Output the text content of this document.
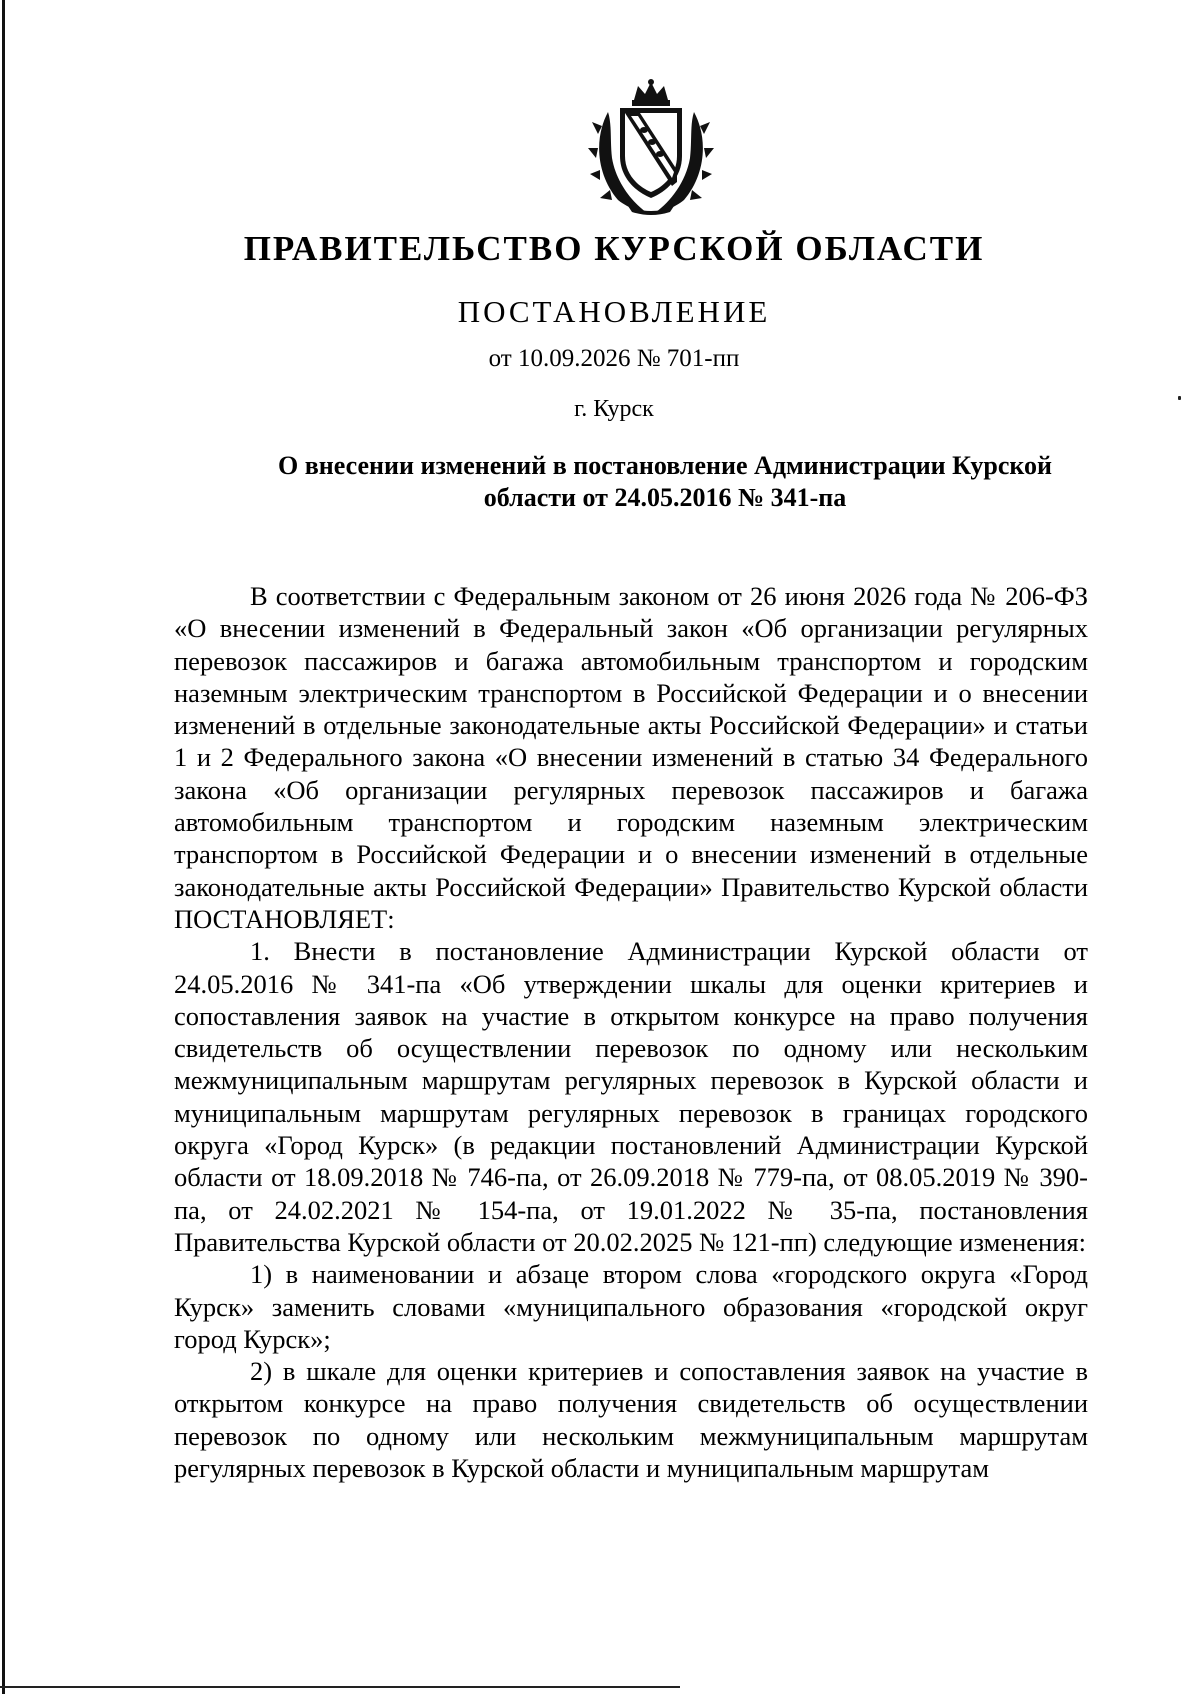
ПРАВИТЕЛЬСТВО КУРСКОЙ ОБЛАСТИ
ПОСТАНОВЛЕНИЕ
от 10.09.2026 № 701-пп
г. Курск
О внесении изменений в постановление Администрации Курской области от 24.05.2016 № 341-па

В соответствии с Федеральным законом от 26 июня 2026 года № 206-ФЗ «О внесении изменений в Федеральный закон «Об организации регулярных перевозок пассажиров и багажа автомобильным транспортом и городским наземным электрическим транспортом в Российской Федерации и о внесении изменений в отдельные законодательные акты Российской Федерации» и статьи 1 и 2 Федерального закона «О внесении изменений в статью 34 Федерального закона «Об организации регулярных перевозок пассажиров и багажа автомобильным транспортом и городским наземным электрическим транспортом в Российской Федерации и о внесении изменений в отдельные законодательные акты Российской Федерации» Правительство Курской области ПОСТАНОВЛЯЕТ:

1. Внести в постановление Администрации Курской области от 24.05.2016 № 341-па «Об утверждении шкалы для оценки критериев и сопоставления заявок на участие в открытом конкурсе на право получения свидетельств об осуществлении перевозок по одному или нескольким межмуниципальным маршрутам регулярных перевозок в Курской области и муниципальным маршрутам регулярных перевозок в границах городского округа «Город Курск» (в редакции постановлений Администрации Курской области от 18.09.2018 № 746-па, от 26.09.2018 № 779-па, от 08.05.2019 № 390-па, от 24.02.2021 № 154-па, от 19.01.2022 № 35-па, постановления Правительства Курской области от 20.02.2025 № 121-пп) следующие изменения:

1) в наименовании и абзаце втором слова «городского округа «Город Курск» заменить словами «муниципального образования «городской округ город Курск»;

2) в шкале для оценки критериев и сопоставления заявок на участие в открытом конкурсе на право получения свидетельств об осуществлении перевозок по одному или нескольким межмуниципальным маршрутам регулярных перевозок в Курской области и муниципальным маршрутам
